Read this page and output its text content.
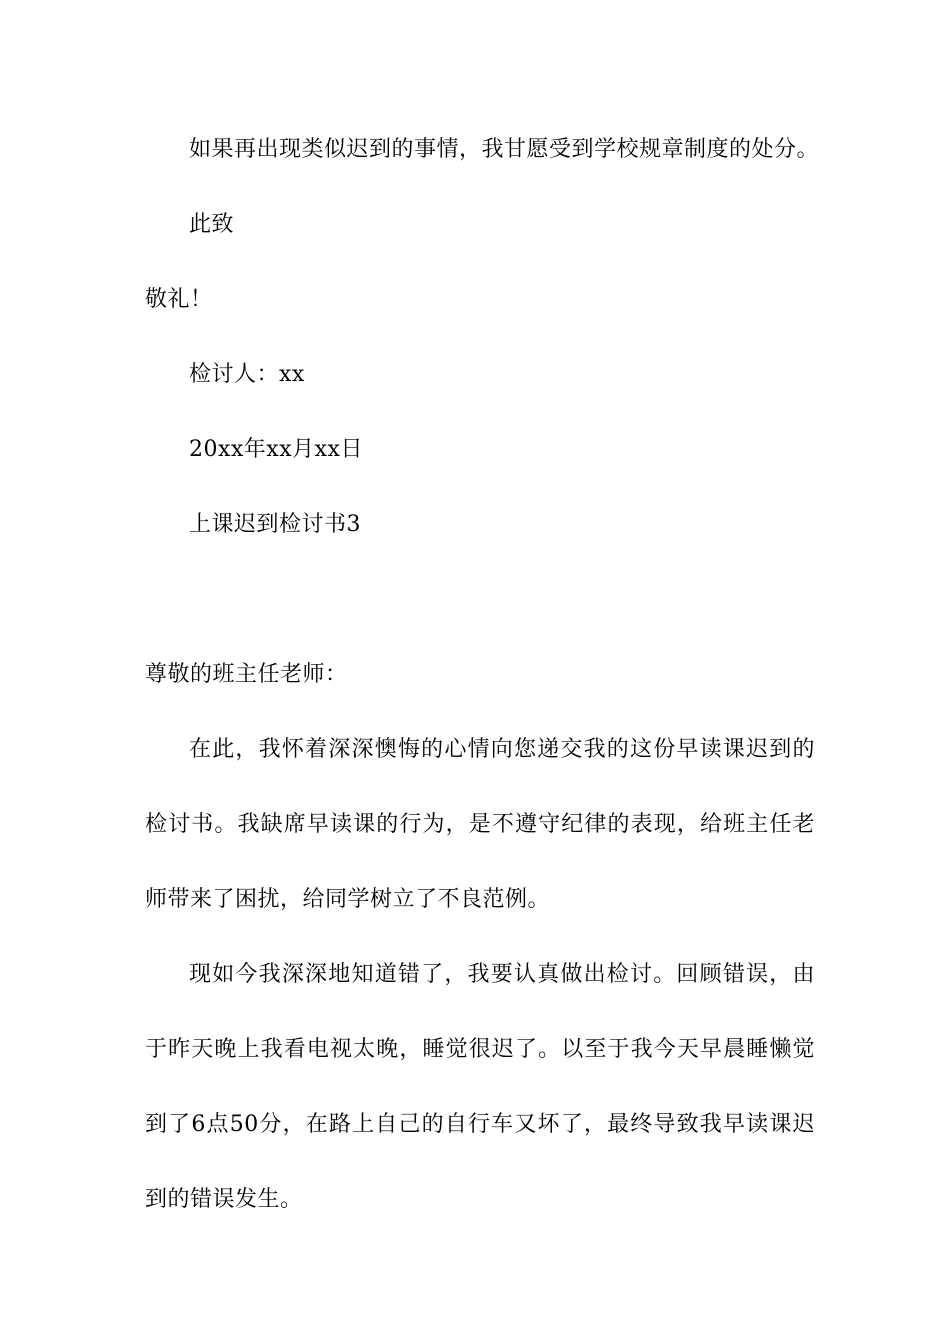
如果再出现类似迟到的事情，我甘愿受到学校规章制度的处分。
此致
敬礼！
检讨人：xx
20xx年xx月xx日
上课迟到检讨书3
尊敬的班主任老师：
在此，我怀着深深懊悔的心情向您递交我的这份早读课迟到的
检讨书。我缺席早读课的行为，是不遵守纪律的表现，给班主任老
师带来了困扰，给同学树立了不良范例。
现如今我深深地知道错了，我要认真做出检讨。回顾错误，由
于昨天晚上我看电视太晚，睡觉很迟了。以至于我今天早晨睡懒觉
到了6点50分，在路上自己的自行车又坏了，最终导致我早读课迟
到的错误发生。
